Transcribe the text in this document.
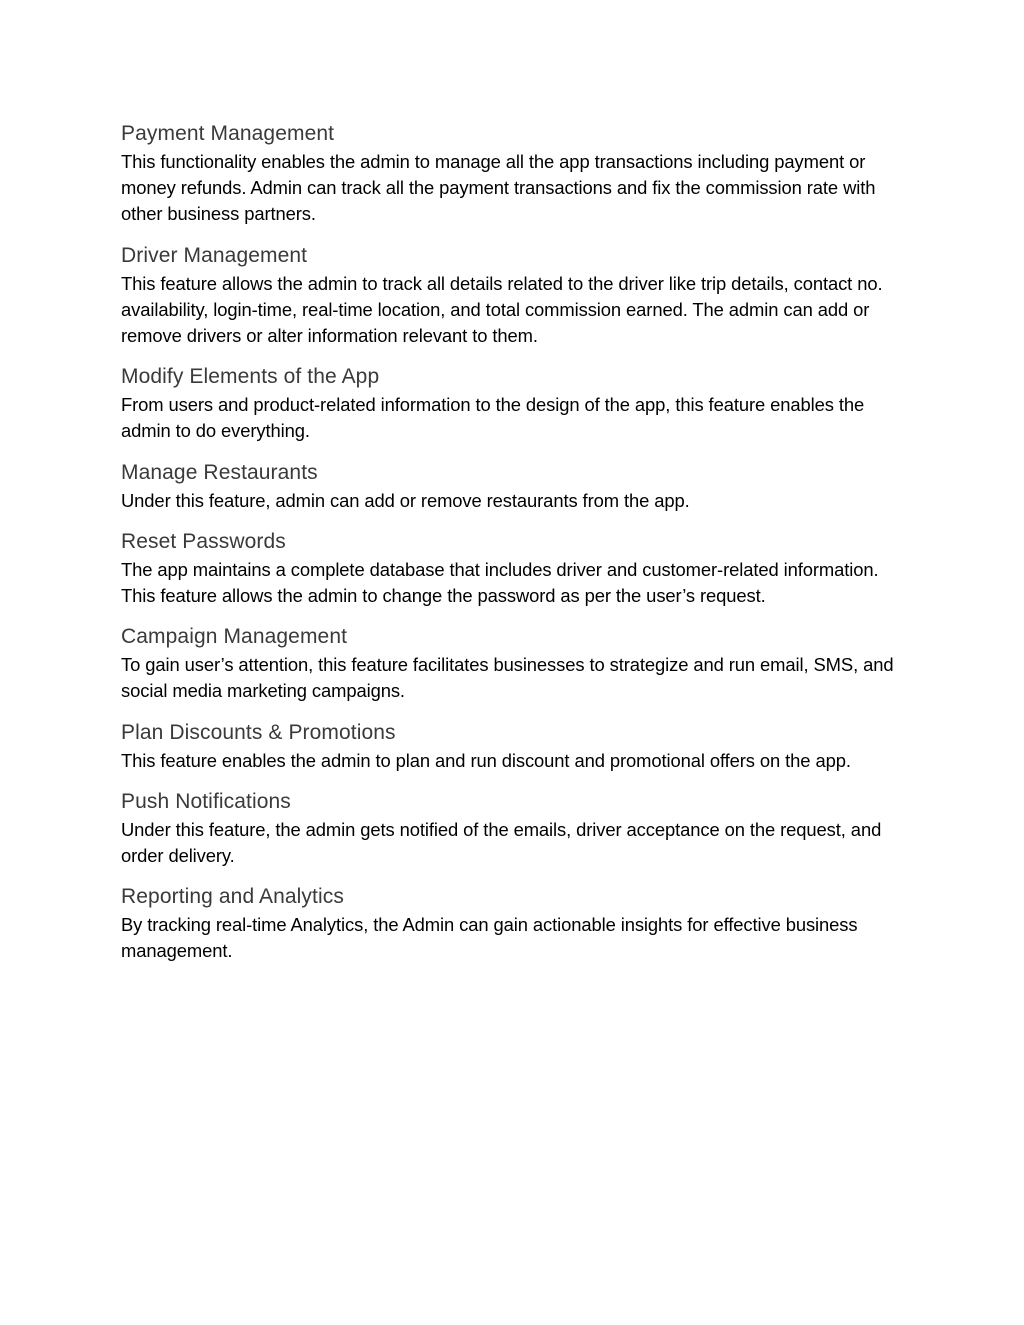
Payment Management

This functionality enables the admin to manage all the app transactions including payment or money refunds. Admin can track all the payment transactions and fix the commission rate with other business partners.

Driver Management

This feature allows the admin to track all details related to the driver like trip details, contact no. availability, login-time, real-time location, and total commission earned. The admin can add or remove drivers or alter information relevant to them.

Modify Elements of the App

From users and product-related information to the design of the app, this feature enables the admin to do everything.

Manage Restaurants

Under this feature, admin can add or remove restaurants from the app.

Reset Passwords

The app maintains a complete database that includes driver and customer-related information. This feature allows the admin to change the password as per the user’s request.

Campaign Management

To gain user’s attention, this feature facilitates businesses to strategize and run email, SMS, and social media marketing campaigns.

Plan Discounts & Promotions

This feature enables the admin to plan and run discount and promotional offers on the app.

Push Notifications

Under this feature, the admin gets notified of the emails, driver acceptance on the request, and order delivery.

Reporting and Analytics

By tracking real-time Analytics, the Admin can gain actionable insights for effective business management.
